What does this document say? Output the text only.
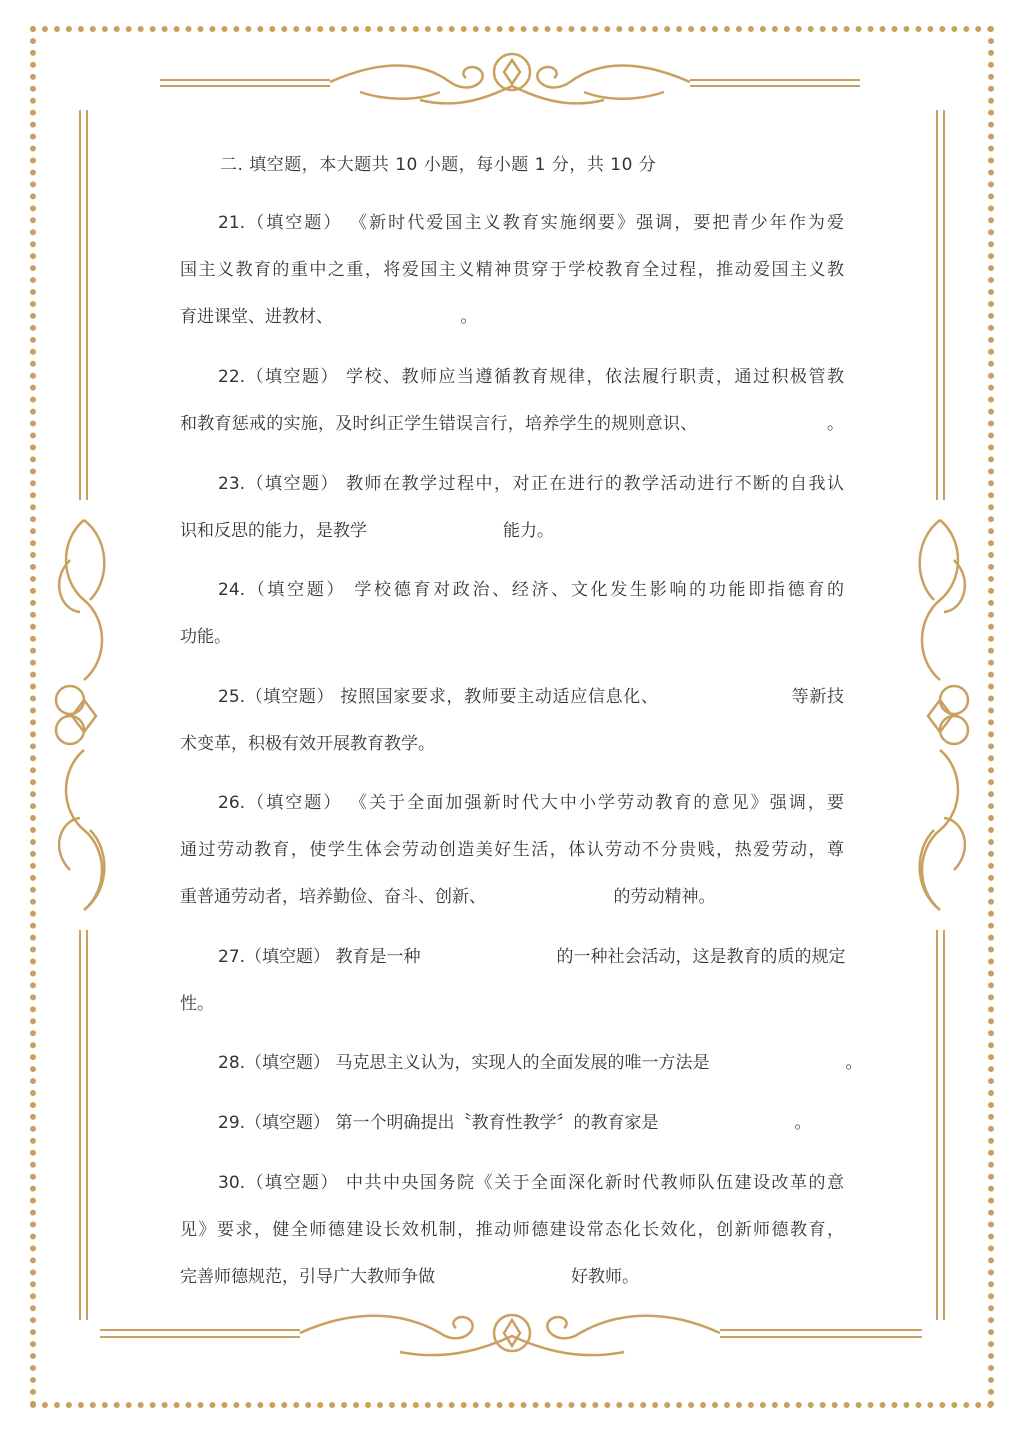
二. 填空题，本大题共 10 小题，每小题 1 分，共 10 分
21.（填空题） 《新时代爱国主义教育实施纲要》强调，要把青少年作为爱
国主义教育的重中之重，将爱国主义精神贯穿于学校教育全过程，推动爱国主义教
育进课堂、进教材、　　　　　　　　。
22.（填空题） 学校、教师应当遵循教育规律，依法履行职责，通过积极管教
和教育惩戒的实施，及时纠正学生错误言行，培养学生的规则意识、　　　　　　　　。
23.（填空题） 教师在教学过程中，对正在进行的教学活动进行不断的自我认
识和反思的能力，是教学　　　　　　　　能力。
24.（填空题） 学校德育对政治、经济、文化发生影响的功能即指德育的
功能。
25.（填空题） 按照国家要求，教师要主动适应信息化、　　　　　　　　等新技
术变革，积极有效开展教育教学。
26.（填空题） 《关于全面加强新时代大中小学劳动教育的意见》强调，要
通过劳动教育，使学生体会劳动创造美好生活，体认劳动不分贵贱，热爱劳动，尊
重普通劳动者，培养勤俭、奋斗、创新、　　　　　　　　的劳动精神。
27.（填空题） 教育是一种　　　　　　　　的一种社会活动，这是教育的质的规定
性。
28.（填空题） 马克思主义认为，实现人的全面发展的唯一方法是　　　　　　　　。
29.（填空题） 第一个明确提出〝教育性教学〞的教育家是　　　　　　　　。
30.（填空题） 中共中央国务院《关于全面深化新时代教师队伍建设改革的意
见》要求，健全师德建设长效机制，推动师德建设常态化长效化，创新师德教育，
完善师德规范，引导广大教师争做　　　　　　　　好教师。
